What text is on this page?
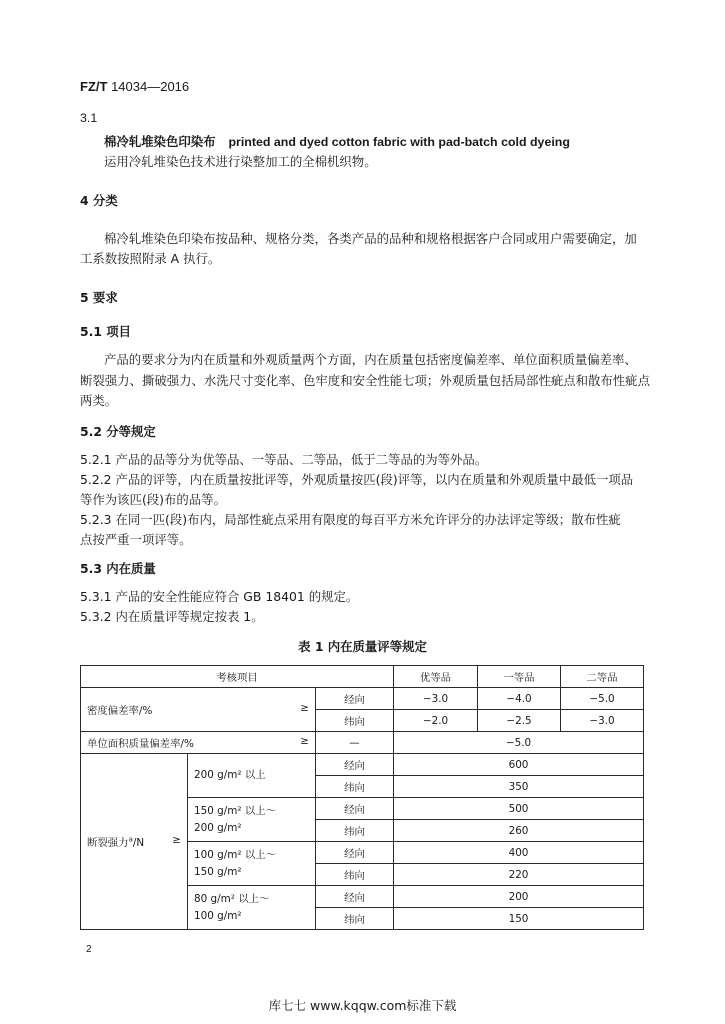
FZ/T 14034—2016
3.1
棉冷轧堆染色印染布 printed and dyed cotton fabric with pad-batch cold dyeing
运用冷轧堆染色技术进行染整加工的全棉机织物。
4 分类
棉冷轧堆染色印染布按品种、规格分类，各类产品的品种和规格根据客户合同或用户需要确定，加
工系数按照附录 A 执行。
5 要求
5.1 项目
产品的要求分为内在质量和外观质量两个方面，内在质量包括密度偏差率、单位面积质量偏差率、
断裂强力、撕破强力、水洗尺寸变化率、色牢度和安全性能七项；外观质量包括局部性疵点和散布性疵点
两类。
5.2 分等规定
5.2.1 产品的品等分为优等品、一等品、二等品，低于二等品的为等外品。
5.2.2 产品的评等，内在质量按批评等，外观质量按匹(段)评等，以内在质量和外观质量中最低一项品
等作为该匹(段)布的品等。
5.2.3 在同一匹(段)布内，局部性疵点采用有限度的每百平方米允许评分的办法评定等级；散布性疵
点按严重一项评等。
5.3 内在质量
5.3.1 产品的安全性能应符合 GB 18401 的规定。
5.3.2 内在质量评等规定按表 1。
表 1 内在质量评等规定
考核项目			优等品	一等品	二等品
密度偏差率/% ≥		经向	−3.0	−4.0	−5.0
		纬向	−2.0	−2.5	−3.0
单位面积质量偏差率/% ≥		—	−5.0		
断裂强力$^a$/N ≥	200 g/m² 以上	经向	600		
		纬向	350		

	150 g/m² 以上～
200 g/m²	经向	500		
		纬向	260		

	100 g/m² 以上～
150 g/m²	经向	400		
		纬向	220		

	80 g/m² 以上～
100 g/m²	经向	200		
		纬向	150		
2
库七七 www.kqqw.com标准下载
